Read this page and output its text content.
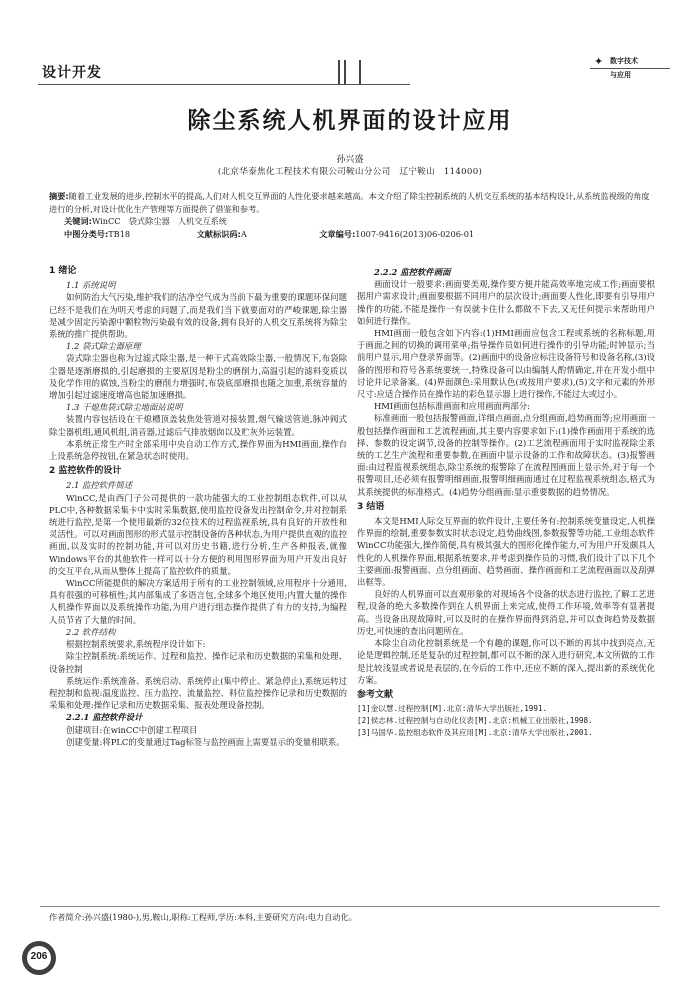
设计开发
✦ 数字技术
与应用
除尘系统人机界面的设计应用
孙兴盛
(北京华泰焦化工程技术有限公司鞍山分公司　辽宁鞍山　114000)
摘要:随着工业发展的进步,控制水平的提高,人们对人机交互界面的人性化要求越来越高。本文介绍了除尘控制系统的人机交互系统的基本结构设计,从系统监视级的角度进行的分析,对设计优化生产管理等方面提供了借鉴和参考。
关键词:WinCC　袋式除尘器　人机交互系统
中图分类号:TB18	文献标识码:A	文章编号:1007-9416(2013)06-0206-01

1 绪论

1.1 系统说明

如何防治大气污染,维护我们的洁净空气成为当前下最为重要的课题环保问题已经不是我们在为明天考虑的问题了,而是我们当下就要面对的严峻课题,除尘器是减少固定污染源中颗粒物污染最有效的设备,拥有良好的人机交互系统将为除尘系统的推广提供帮助。

1.2 袋式除尘器原理

袋式除尘器也称为过滤式除尘器,是一种干式高效除尘器,一般情况下,布袋除尘器是逐渐磨损的,引起磨损的主要原因是粉尘的磨削力,高温引起的滤料变质以及化学作用的腐蚀,当粉尘的磨削力增强时,布袋底部磨损也随之加重,系统容量的增加引起过滤速度增高也能加速磨损。

1.3 干熄焦袋式除尘地面站说明

装置内容包括设在干熄槽顶盖装焦处管道对接装置,烟气输送管道,脉冲阀式除尘器机组,通风机组,消音器,过滤后气排放烟囱以及贮灰外运装置。

本系统正常生产时全部采用中央自动工作方式,操作界面为HMI画面,操作台上设系统急停按钮,在紧急状态时使用。

2 监控软件的设计

2.1 监控软件简述

WinCC,是由西门子公司提供的一款功能强大的工业控制组态软件,可以从PLC中,各种数据采集卡中实时采集数据,使用监控设备发出控制命令,并对控制系统进行监控,是第一个使用最新的32位技术的过程监视系统,具有良好的开放性和灵活性。可以对画面图形的形式显示控制设备的各种状态,为用户提供直观的监控画面,以及实时的控制功能,并可以对历史书籍,进行分析,生产各种报表,就像Windows平台的其他软件一样可以十分方便的利用图形界面为用户开发出良好的交互平台,从而从整体上提高了监控软件的质量。

WinCC所能提供的解决方案适用于所有的工业控制领域,应用程序十分通用,具有很强的可移植性;其内部集成了多语言包,全球多个地区使用;内置大量的操作人机操作界面以及系统操作功能,为用户进行组态操作提供了有力的支持,为编程人员节省了大量的时间。

2.2 软件结构

根据控制系统要求,系统程序设计如下:

除尘控制系统:系统运作、过程和监控、操作记录和历史数据的采集和处理、设备控制

系统运作:系统准备、系统启动、系统停止(集中停止、紧急停止),系统运转过程控制和监视:温度监控、压力监控、流量监控、料位监控操作记录和历史数据的采集和处理:操作记录和历史数据采集、报表处理设备控制。

2.2.1 监控软件设计

创建项目:在winCC中创建工程项目

创建变量:将PLC的变量通过Tag标签与监控画面上需要显示的变量相联系。

2.2.2 监控软件画面

画面设计一般要求:画面要美观,操作要方便并能高效率地完成工作;画面要根据用户需求设计;画面要根据不同用户的层次设计;画面要人性化,即要有引导用户操作的功能,不能是操作一有误就卡住什么都做不下去,又无任何提示来帮助用户如何进行操作。

HMI画面一般包含如下内容:(1)HMI画面应包含工程或系统的名称标题,用于画面之间的切换的调用菜单;指导操作员如何进行操作的引导功能;时钟显示;当前用户显示,用户登录界面等。(2)画面中的设备应标注设备符号和设备名称,(3)设备的图形和符号各系统要统一,特殊设备可以由编制人酌情确定,并在开发小组中讨论并记录备案。(4)界面颜色:采用默认色(或按用户要求),(5)文字和元素的外形尺寸:应适合操作员在操作站的彩色显示器上进行操作,不能过大或过小。

HMI画面包括标准画面和应用画面两部分:

标准画面一般包括报警画面,详细点画面,点分组画面,趋势画面等;应用画面一般包括操作画面和工艺流程画面,其主要内容要求如下:(1)操作画面用于系统的选择、参数的设定调节,设备的控制等操作。(2)工艺流程画面用于实时监视除尘系统的工艺生产流程和重要参数,在画面中显示设备的工作和故障状态。(3)报警画面:由过程监视系统组态,除尘系统的报警除了在流程图画面上显示外,对于每一个报警项目,还必须有报警明细画面,报警明细画面通过在过程监视系统组态,格式为其系统提供的标准格式。(4)趋势分组画面:显示重要数据的趋势情况。

3 结语

本文是HMI人际交互界面的软件设计,主要任务有:控制系统变量设定,人机操作界面的绘制,重要参数实时状态设定,趋势曲线图,参数报警等功能,工业组态软件WinCC功能强大,操作简便,具有极其强大的图形化操作能力,可为用户开发颇具人性化的人机操作界面,根据系统要求,并考虑到操作员的习惯,我们设计了以下几个主要画面:报警画面、点分组画面、趋势画面、操作画面和工艺流程画面以及刮弹出框等。

良好的人机界面可以直观形象的对现场各个设备的状态进行监控,了解工艺进程,设备的绝大多数操作到在人机界面上来完成,使得工作环境,效率等有显著提高。当设备出现故障时,可以及时的在操作界面得到消息,并可以查询趋势及数据历史,可快速的查出问题所在。

本除尘自动化控制系统是一个有趣的课题,你可以不断的再其中找到亮点,无论是逻辑控制,还是复杂的过程控制,都可以不断的深入进行研究,本文所做的工作是比较浅显或者说是表层的,在今后的工作中,还应不断的深入,提出新的系统优化方案。

参考文献

[1]金以慧.过程控制[M].北京:清华大学出版社,1991.

[2]侯志林.过程控制与自动化仪表[M].北京:机械工业出版社,1998.

[3]马国华.监控组态软件及其应用[M].北京:清华大学出版社,2001.

作者简介:孙兴盛(1980-),男,鞍山,职称:工程师,学历:本科,主要研究方向:电力自动化。
206
